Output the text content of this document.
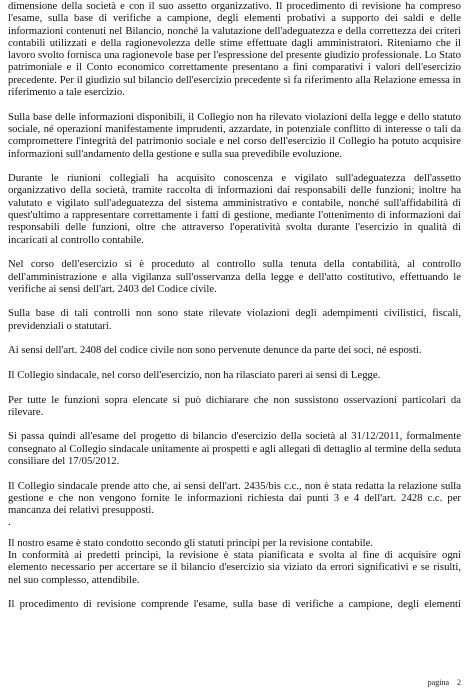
dimensione della società e con il suo assetto organizzativo. Il procedimento di revisione ha compreso l'esame, sulla base di verifiche a campione, degli elementi probativi a supporto dei saldi e delle informazioni contenuti nel Bilancio, nonché la valutazione dell'adeguatezza e della correttezza dei criteri contabili utilizzati e della ragionevolezza delle stime effettuate dagli amministratori. Riteniamo che il lavoro svolto fornisca una ragionevole base per l'espressione del presente giudizio professionale. Lo Stato patrimoniale e il Conto economico correttamente presentano a fini comparativi i valori dell'esercizio precedente. Per il giudizio sul bilancio dell'esercizio precedente si fa riferimento alla Relazione emessa in riferimento a tale esercizio.

Sulla base delle informazioni disponibili, il Collegio non ha rilevato violazioni della legge e dello statuto sociale, né operazioni manifestamente imprudenti, azzardate, in potenziale conflitto di interesse o tali da compromettere l'integrità del patrimonio sociale e nel corso dell'esercizio il Collegio ha potuto acquisire informazioni sull'andamento della gestione e sulla sua prevedibile evoluzione.

Durante le riunioni collegiali ha acquisito conoscenza e vigilato sull'adeguatezza dell'assetto organizzativo della società, tramite raccolta di informazioni dai responsabili delle funzioni; inoltre ha valutato e vigilato sull'adeguatezza del sistema amministrativo e contabile, nonché sull'affidabilità di quest'ultimo a rappresentare correttamente i fatti di gestione, mediante l'ottenimento di informazioni dai responsabili delle funzioni, oltre che attraverso l'operatività svolta durante l'esercizio in qualità di incaricati al controllo contabile.

Nel corso dell'esercizio si è proceduto al controllo sulla tenuta della contabilità, al controllo dell'amministrazione e alla vigilanza sull'osservanza della legge e dell'atto costitutivo, effettuando le verifiche ai sensi dell'art. 2403 del Codice civile.

Sulla base di tali controlli non sono state rilevate violazioni degli adempimenti civilistici, fiscali, previdenziali o statutari.

Ai sensi dell'art. 2408 del codice civile non sono pervenute denunce da parte dei soci, né esposti.

Il Collegio sindacale, nel corso dell'esercizio, non ha rilasciato pareri ai sensi di Legge.

Per tutte le funzioni sopra elencate si può dichiarare che non sussistono osservazioni particolari da rilevare.

Si passa quindi all'esame del progetto di bilancio d'esercizio della società al 31/12/2011, formalmente consegnato al Collegio sindacale unitamente ai prospetti e agli allegati di dettaglio al termine della seduta consiliare del 17/05/2012.

Il Collegio sindacale prende atto che, ai sensi dell'art. 2435/bis c.c., non è stata redatta la relazione sulla gestione e che non vengono fornite le informazioni richiesta dai punti 3 e 4 dell'art. 2428 c.c. per mancanza dei relativi presupposti.

.

Il nostro esame è stato condotto secondo gli statuti principi per la revisione contabile.

In conformità ai predetti principi, la revisione è stata pianificata e svolta al fine di acquisire ogni elemento necessario per accertare se il bilancio d'esercizio sia viziato da errori significativi e se risulti, nel suo complesso, attendibile.

Il procedimento di revisione comprende l'esame, sulla base di verifiche a campione, degli elementi

pagina 2
